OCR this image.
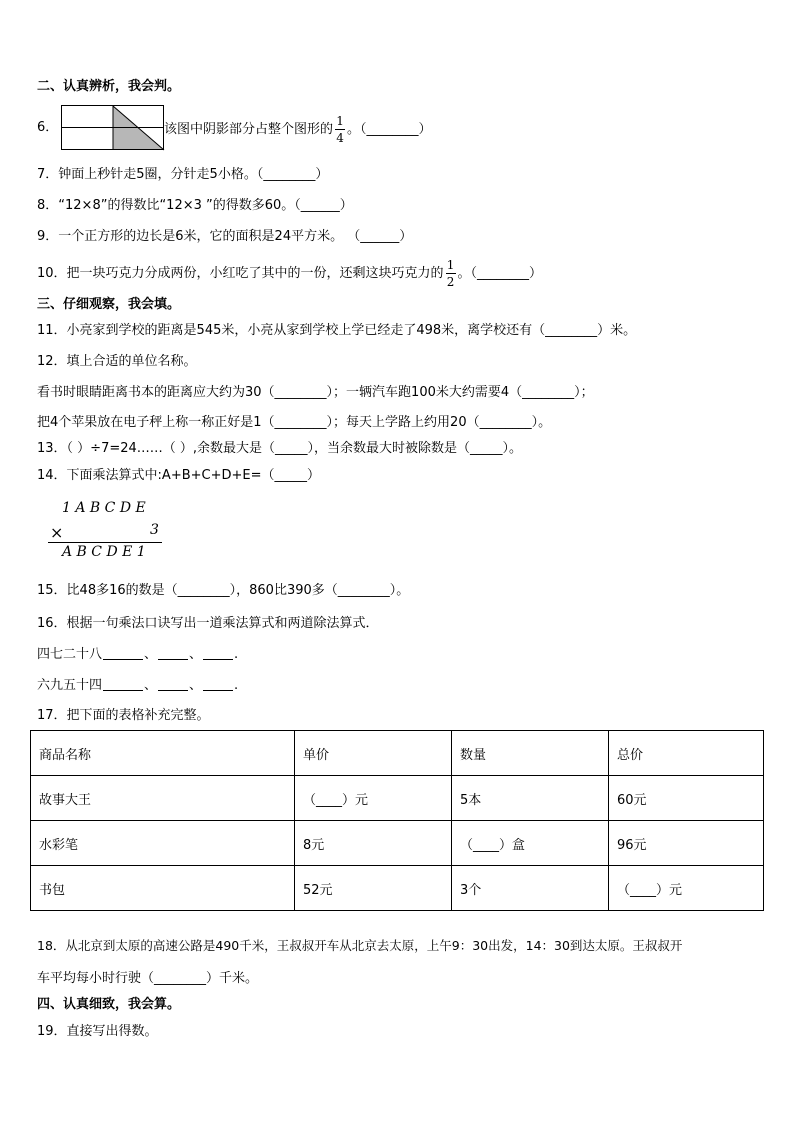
二、认真辨析，我会判。
6．	该图中阴影部分占整个图形的 $\frac{1}{4}$ 。（________）
7．钟面上秒针走5圈，分针走5小格。（________）
8．“12×8”的得数比“12×3 ”的得数多60。（______）
9．一个正方形的边长是6米，它的面积是24平方米。 （______）
10．把一块巧克力分成两份，小红吃了其中的一份，还剩这块巧克力的 $\frac{1}{2}$ 。（________）
三、仔细观察，我会填。
11．小亮家到学校的距离是545米，小亮从家到学校上学已经走了498米，离学校还有（________）米。
12．填上合适的单位名称。
看书时眼睛距离书本的距离应大约为30（________）；一辆汽车跑100米大约需要4（________）；
把4个苹果放在电子秤上称一称正好是1（________）；每天上学路上约用20（________）。
13．（ ）÷7=24……（ ）,余数最大是（_____），当余数最大时被除数是（_____）。
14．下面乘法算式中:A+B+C+D+E=（_____）
1 A B C D E
×	3
A B C D E 1
15．比48多16的数是（________），860比390多（________）。
16．根据一句乘法口诀写出一道乘法算式和两道除法算式．
四七二十八	、 、 .
六九五十四	、 、 .
17．把下面的表格补充完整。
商品名称	单价	数量	总价
故事大王	（____）元	5本	60元
水彩笔	8元	（____）盒	96元
书包	52元	3个	（____）元
18．从北京到太原的高速公路是490千米，王叔叔开车从北京去太原，上午9：30出发，14：30到达太原。王叔叔开
车平均每小时行驶（________）千米。
四、认真细致，我会算。
19．直接写出得数。
